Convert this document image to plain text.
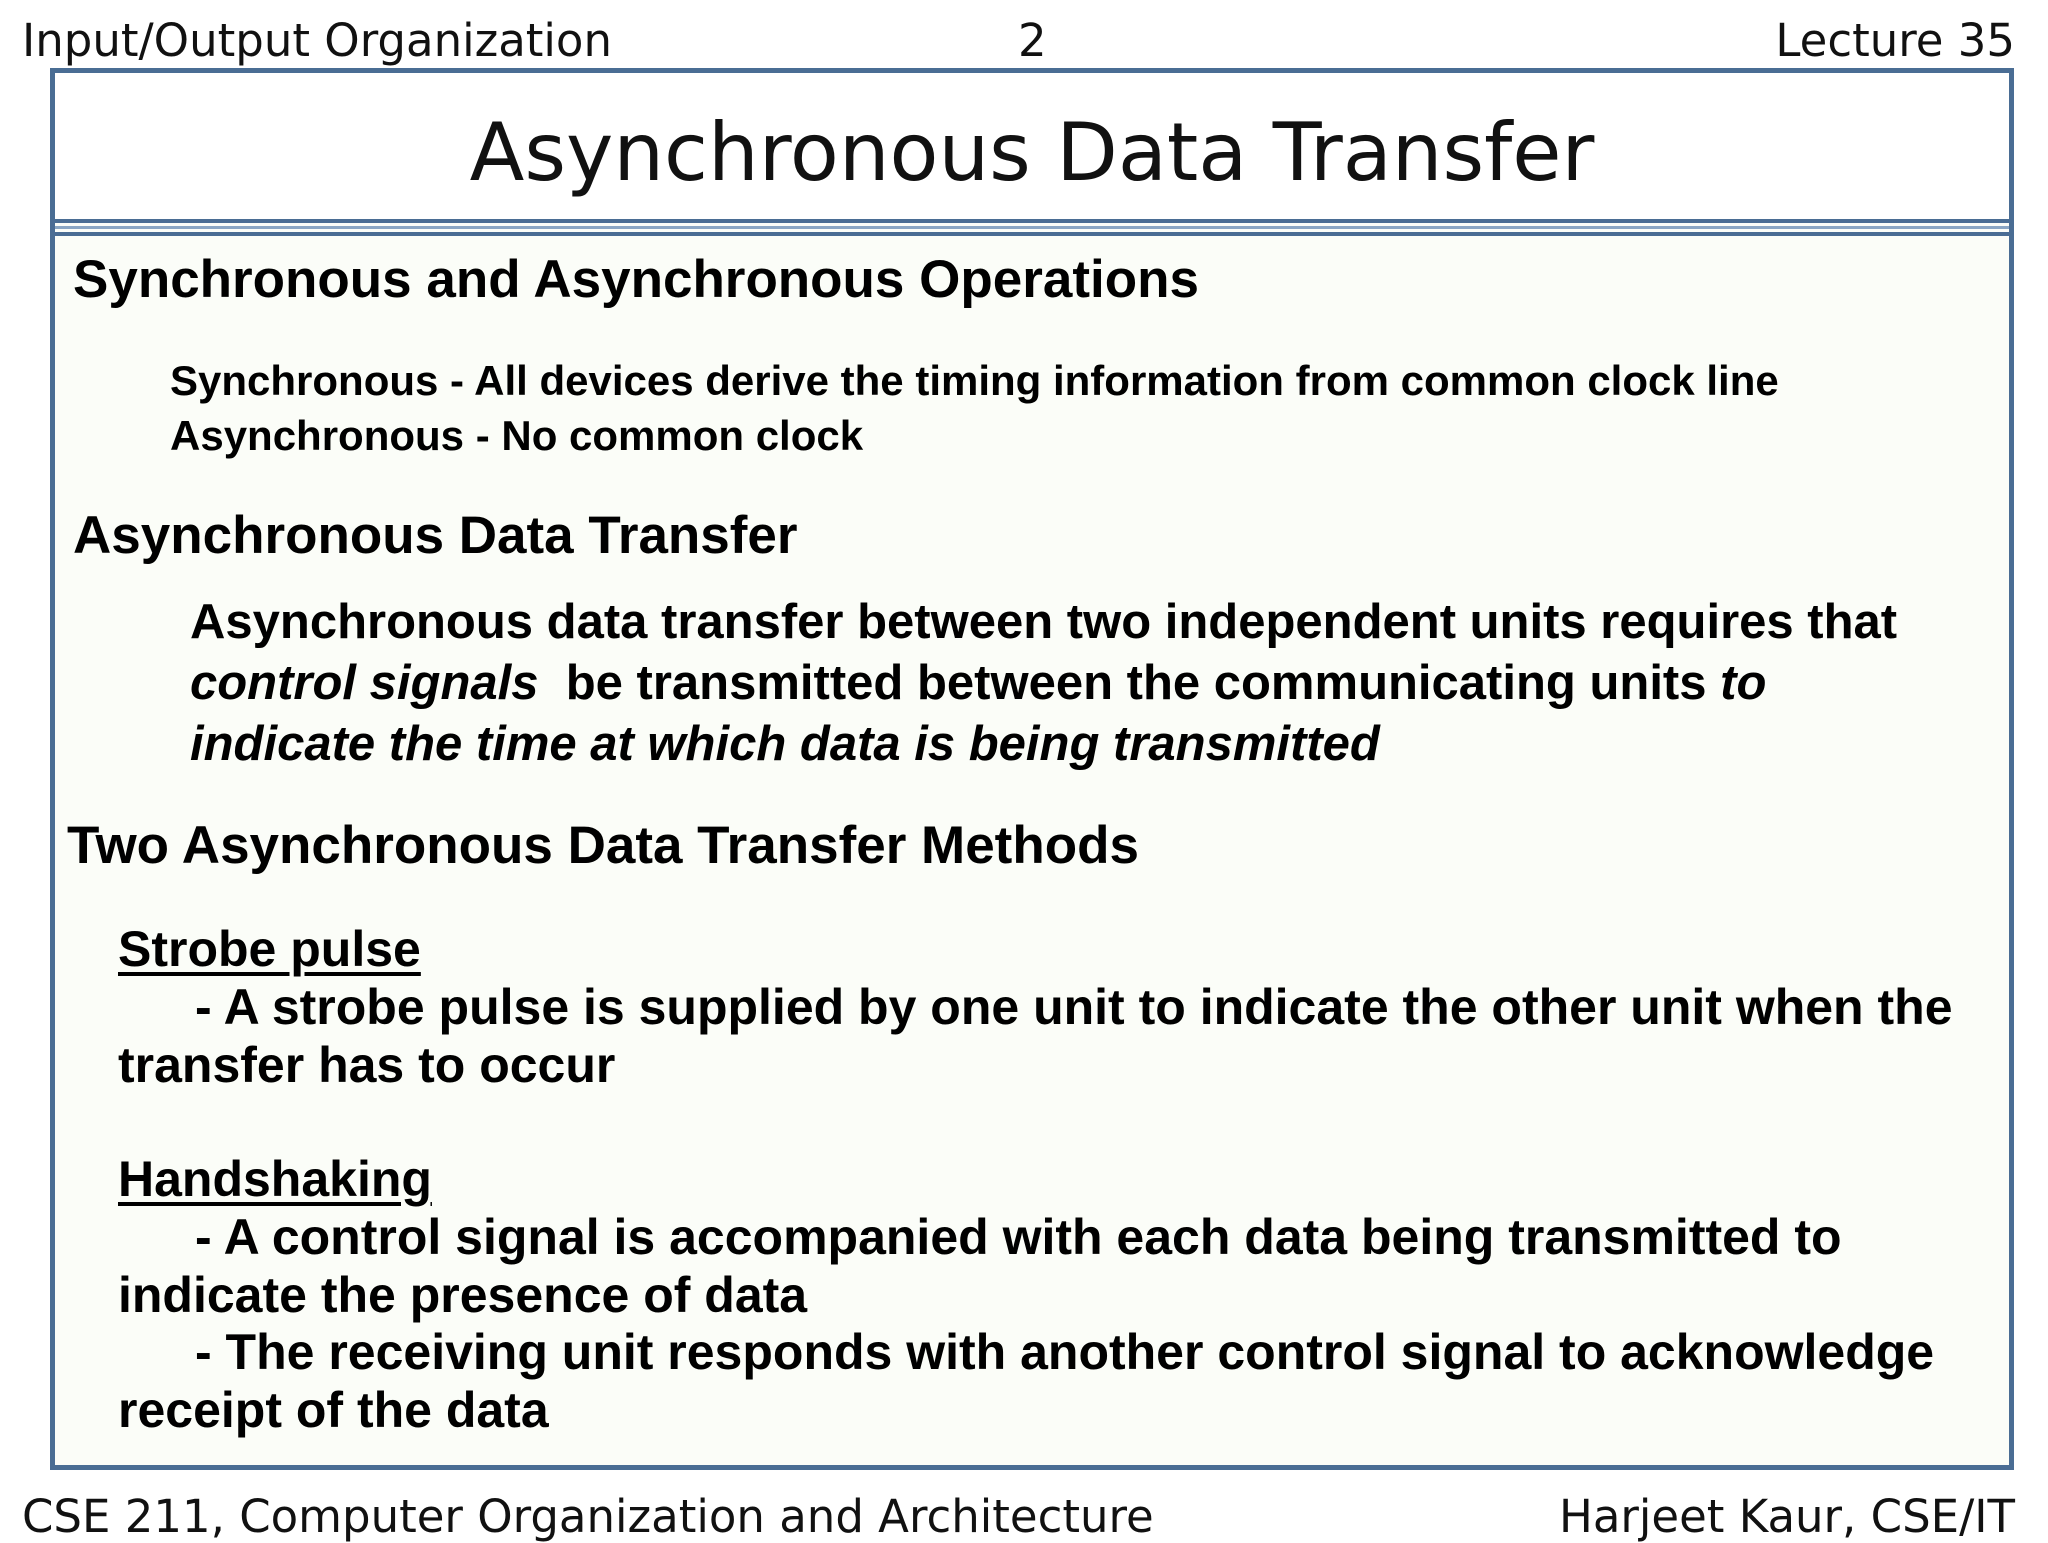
Input/Output Organization	2	Lecture 35
Asynchronous Data Transfer
Synchronous and Asynchronous Operations
Synchronous - All devices derive the timing information from common clock line
Asynchronous - No common clock
Asynchronous Data Transfer
Asynchronous data transfer between two independent units requires that
control signals  be transmitted between the communicating units to
indicate the time at which data is being transmitted
Two Asynchronous Data Transfer Methods
Strobe pulse
- A strobe pulse is supplied by one unit to indicate the other unit when the
transfer has to occur
Handshaking
- A control signal is accompanied with each data being transmitted to
indicate the presence of data
- The receiving unit responds with another control signal to acknowledge
receipt of the data
CSE 211, Computer Organization and Architecture	Harjeet Kaur, CSE/IT
